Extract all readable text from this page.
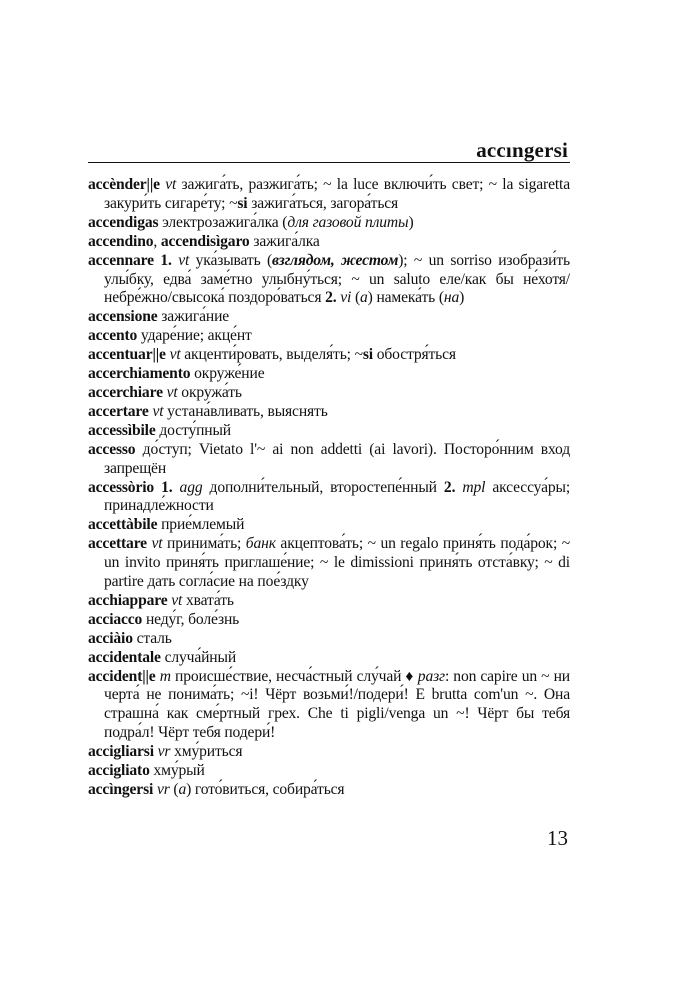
accıngersi

accènder||e vt зажига́ть, разжига́ть; ~ la luce включи́ть свет; ~ la sigaretta закури́ть сигаре́ту; ~si зажига́ться, загора́ться

accendigas электрозажига́лка (для газовой плиты)

accendino, accendisìgaro зажига́лка

accennare 1. vt ука́зывать (взглядом, жестом); ~ un sorriso изобрази́ть улы́бку, едва́ заме́тно улыбну́ться; ~ un saluto еле/как бы не́хотя/небре́жно/свысока́ поздоро́ваться 2. vi (a) намека́ть (на)

accensione зажига́ние

accento ударе́ние; акце́нт

accentuar||e vt акценти́ровать, выделя́ть; ~si обостря́ться

accerchiamento окруже́ние

accerchiare vt окружа́ть

accertare vt устана́вливать, выяснять

accessìbile досту́пный

accesso до́ступ; Vietato l'~ ai non addetti (ai lavori). Посторо́нним вход запрещён

accessòrio 1. agg дополни́тельный, второстепе́нный 2. mpl аксессуа́ры; принадле́жности

accettàbile прие́млемый

accettare vt принима́ть; банк акцептова́ть; ~ un regalo приня́ть пода́рок; ~ un invito приня́ть приглаше́ние; ~ le dimissioni приня́ть отста́вку; ~ di partire дать согла́сие на пое́здку

acchiappare vt хвата́ть

acciacco неду́г, боле́знь

acciàio сталь

accidentale случа́йный

accident||e m происше́ствие, несча́стный слу́чай ♦ разг: non capire un ~ ни черта́ не понима́ть; ~i! Чёрт возьми́!/подери́! E brutta com'un ~. Она страшна́ как сме́ртный грех. Che ti pigli/venga un ~! Чёрт бы тебя подра́л! Чёрт тебя подери́!

accigliarsi vr хму́риться

accigliato хму́рый

accìngersi vr (a) гото́виться, собира́ться

13
